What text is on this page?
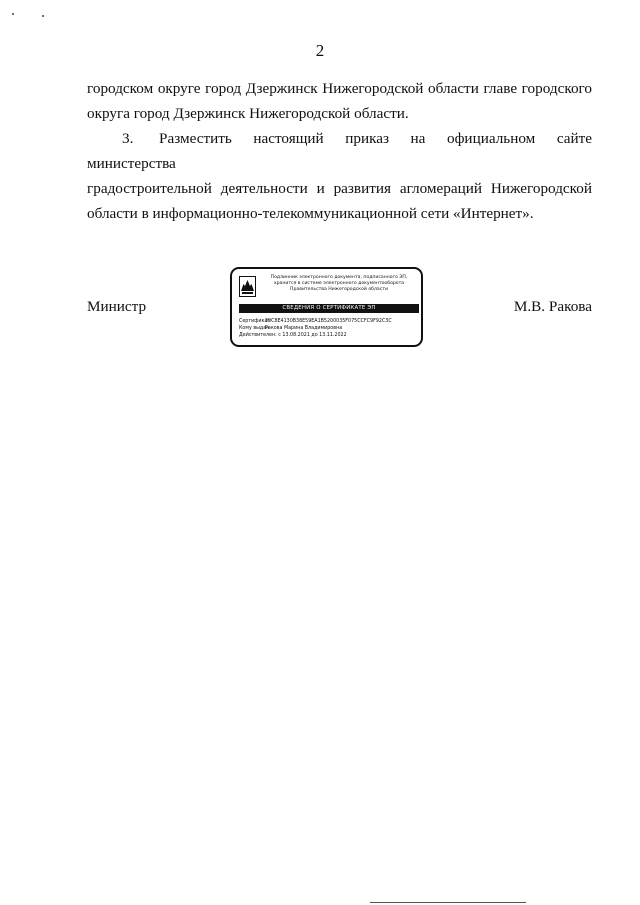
2
городском округе город Дзержинск Нижегородской области главе городского округа город Дзержинск Нижегородской области.
3. Разместить настоящий приказ на официальном сайте министерства
градостроительной деятельности и развития агломераций Нижегородской
области в информационно-телекоммуникационной сети «Интернет».
Министр
Подлинник электронного документа, подписанного ЭП,
хранится в системе электронного документооборота
Правительства Нижегородской области
СВЕДЕНИЯ О СЕРТИФИКАТЕ ЭП
Сертификат39C8E4130B38E59EA1B5200035F075CCFC9F92C3C
Кому выданРакова Марина Владимировна
Действителен: с 13.08.2021 до 13.11.2022
М.В. Ракова
